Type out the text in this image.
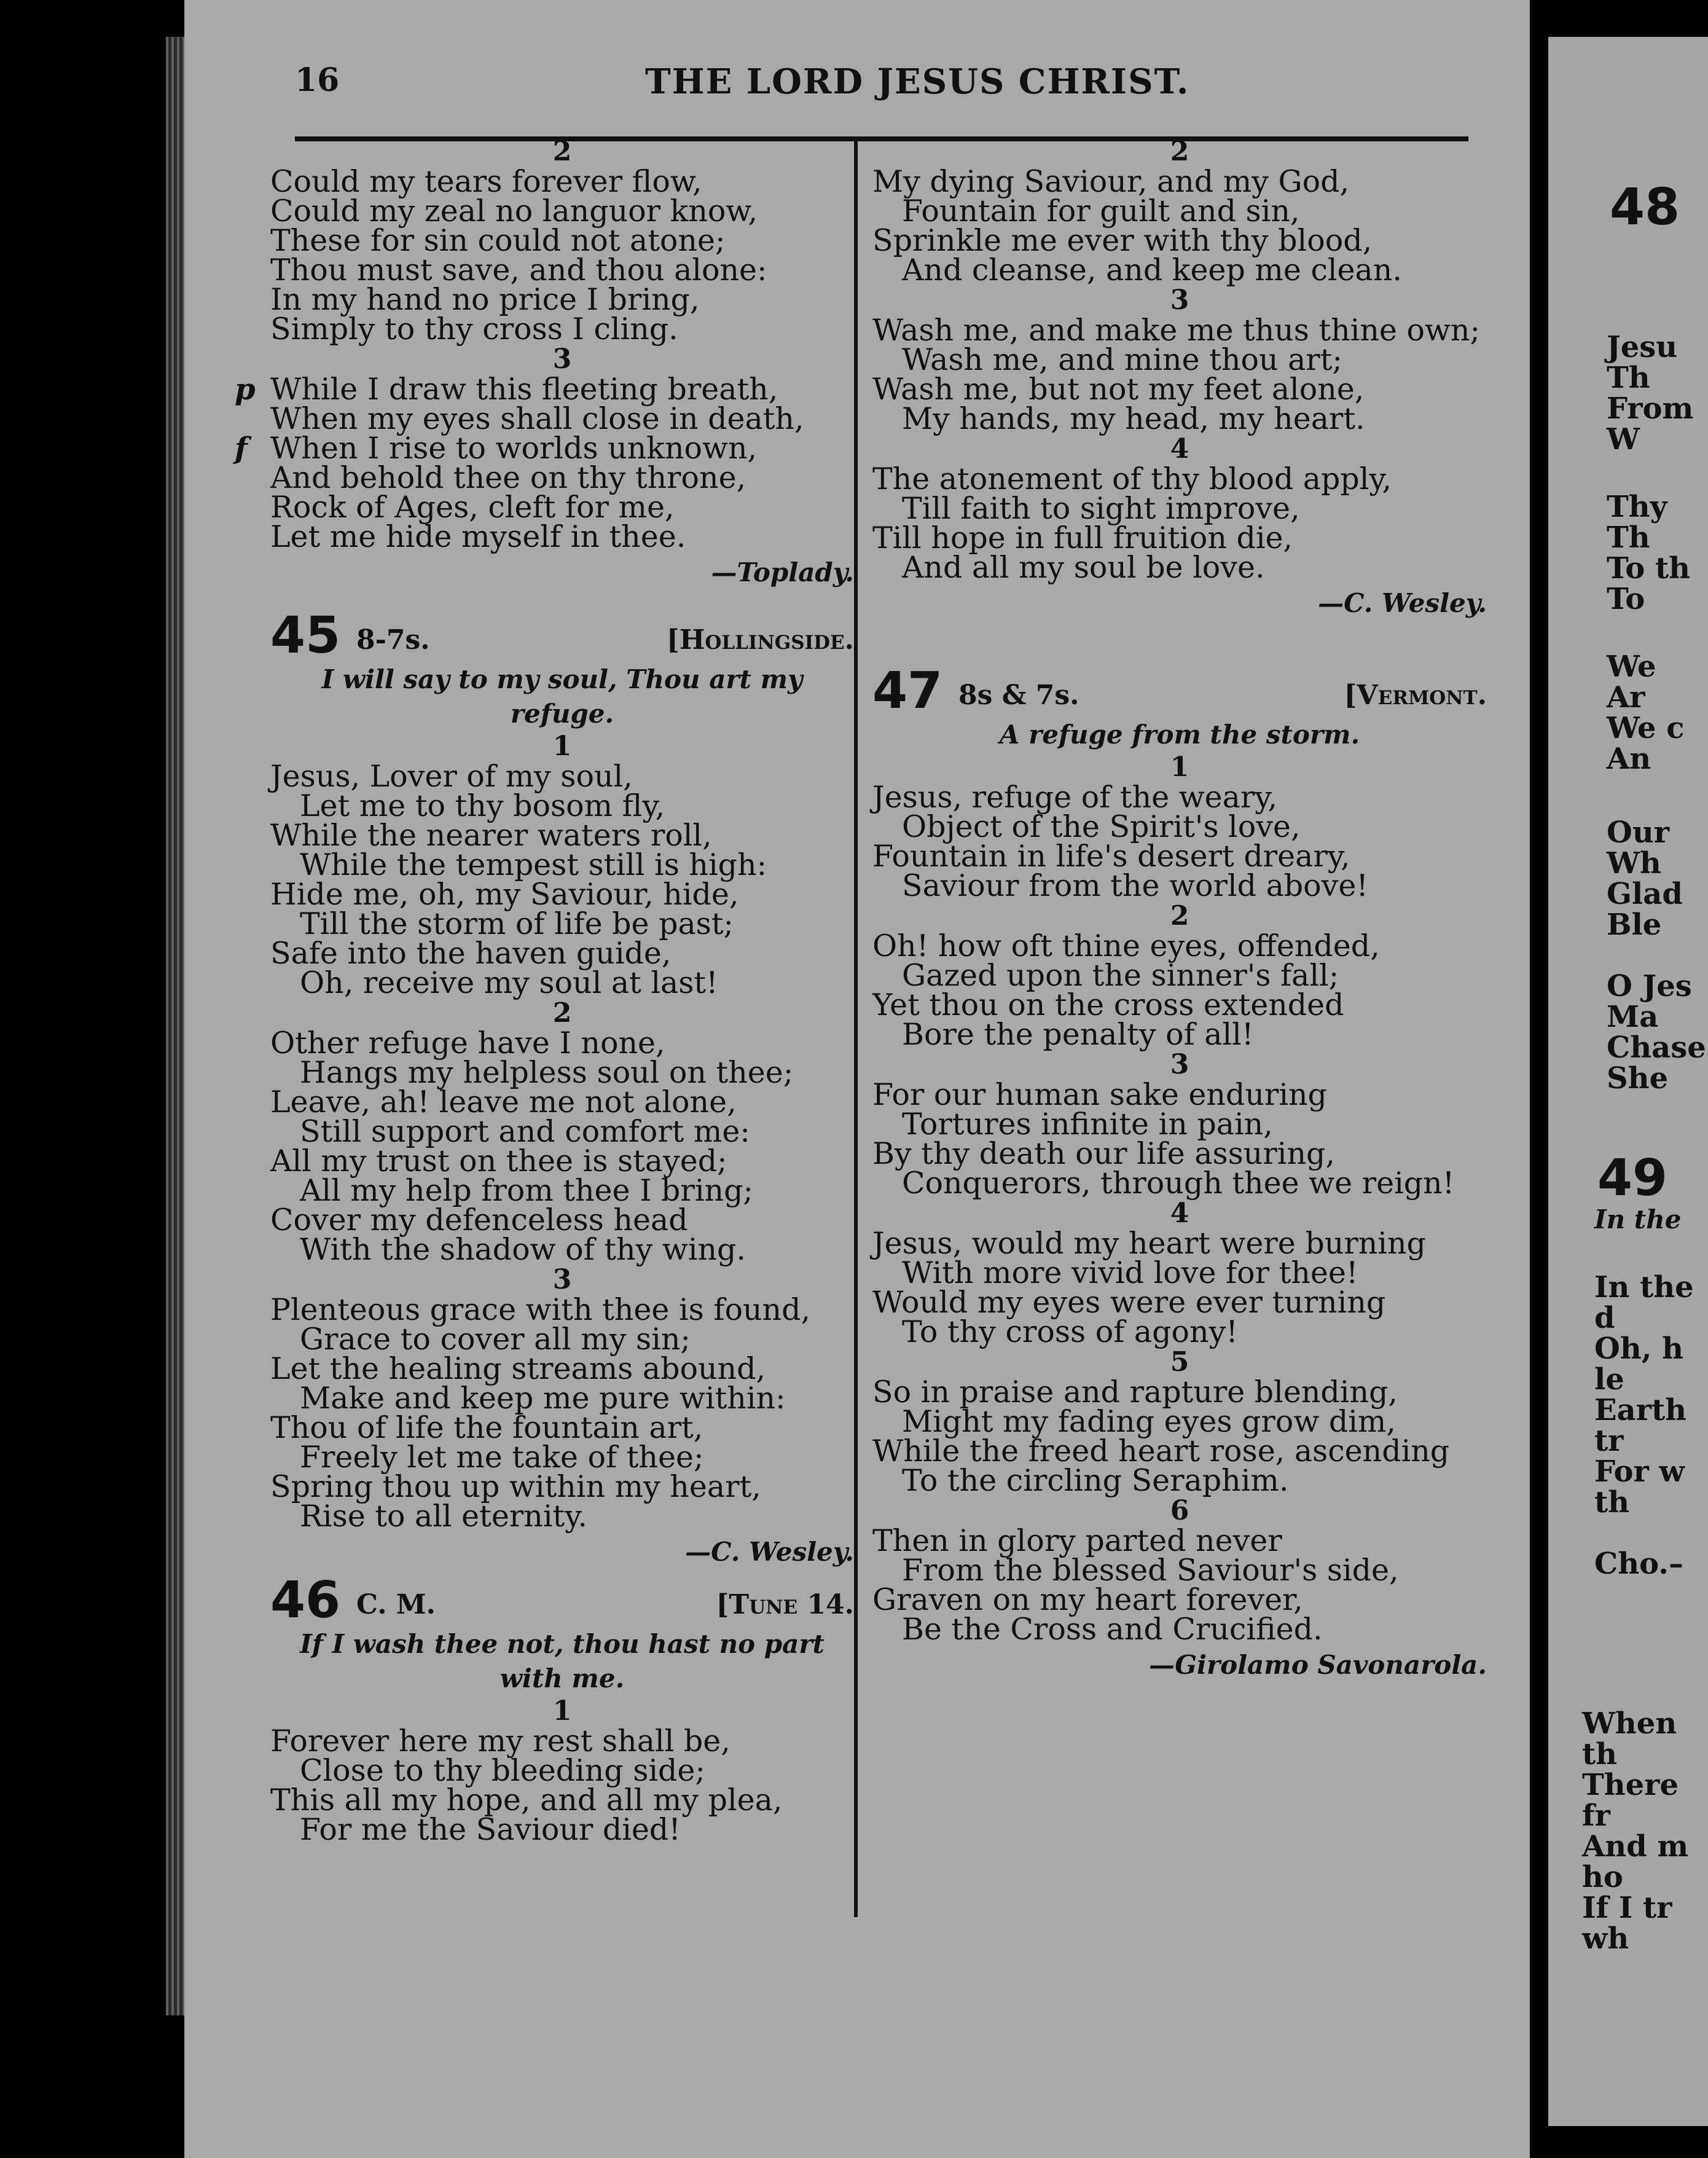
16	THE LORD JESUS CHRIST.
2
Could my tears forever flow,
Could my zeal no languor know,
These for sin could not atone;
Thou must save, and thou alone:
In my hand no price I bring,
Simply to thy cross I cling.
3
p While I draw this fleeting breath,
When my eyes shall close in death,
f When I rise to worlds unknown,
And behold thee on thy throne,
Rock of Ages, cleft for me,
Let me hide myself in thee.
—Toplady.
45 8-7s.	[Hollingside.
I will say to my soul, Thou art my refuge.
1
Jesus, Lover of my soul,
Let me to thy bosom fly,
While the nearer waters roll,
While the tempest still is high:
Hide me, oh, my Saviour, hide,
Till the storm of life be past;
Safe into the haven guide,
Oh, receive my soul at last!
2
Other refuge have I none,
Hangs my helpless soul on thee;
Leave, ah! leave me not alone,
Still support and comfort me:
All my trust on thee is stayed;
All my help from thee I bring;
Cover my defenceless head
With the shadow of thy wing.
3
Plenteous grace with thee is found,
Grace to cover all my sin;
Let the healing streams abound,
Make and keep me pure within:
Thou of life the fountain art,
Freely let me take of thee;
Spring thou up within my heart,
Rise to all eternity.
—C. Wesley.
46 C. M.	[Tune 14.
If I wash thee not, thou hast no part with me.
1
Forever here my rest shall be,
Close to thy bleeding side;
This all my hope, and all my plea,
For me the Saviour died!
2
My dying Saviour, and my God,
Fountain for guilt and sin,
Sprinkle me ever with thy blood,
And cleanse, and keep me clean.
3
Wash me, and make me thus thine own;
Wash me, and mine thou art;
Wash me, but not my feet alone,
My hands, my head, my heart.
4
The atonement of thy blood apply,
Till faith to sight improve,
Till hope in full fruition die,
And all my soul be love.
—C. Wesley.
47 8s & 7s.	[Vermont.
A refuge from the storm.
1
Jesus, refuge of the weary,
Object of the Spirit's love,
Fountain in life's desert dreary,
Saviour from the world above!
2
Oh! how oft thine eyes, offended,
Gazed upon the sinner's fall;
Yet thou on the cross extended
Bore the penalty of all!
3
For our human sake enduring
Tortures infinite in pain,
By thy death our life assuring,
Conquerors, through thee we reign!
4
Jesus, would my heart were burning
With more vivid love for thee!
Would my eyes were ever turning
To thy cross of agony!
5
So in praise and rapture blending,
Might my fading eyes grow dim,
While the freed heart rose, ascending
To the circling Seraphim.
6
Then in glory parted never
From the blessed Saviour's side,
Graven on my heart forever,
Be the Cross and Crucified.
—Girolamo Savonarola.
48
Jesu
Th
From
W
Thy
Th
To th
To
We
Ar
We c
An
Our
Wh
Glad
Ble
O Jes
Ma
Chase
She
49
In the
In the
d
Oh, h
le
Earth
tr
For w
th
Cho.–
When
th
There
fr
And m
ho
If I tr
wh
